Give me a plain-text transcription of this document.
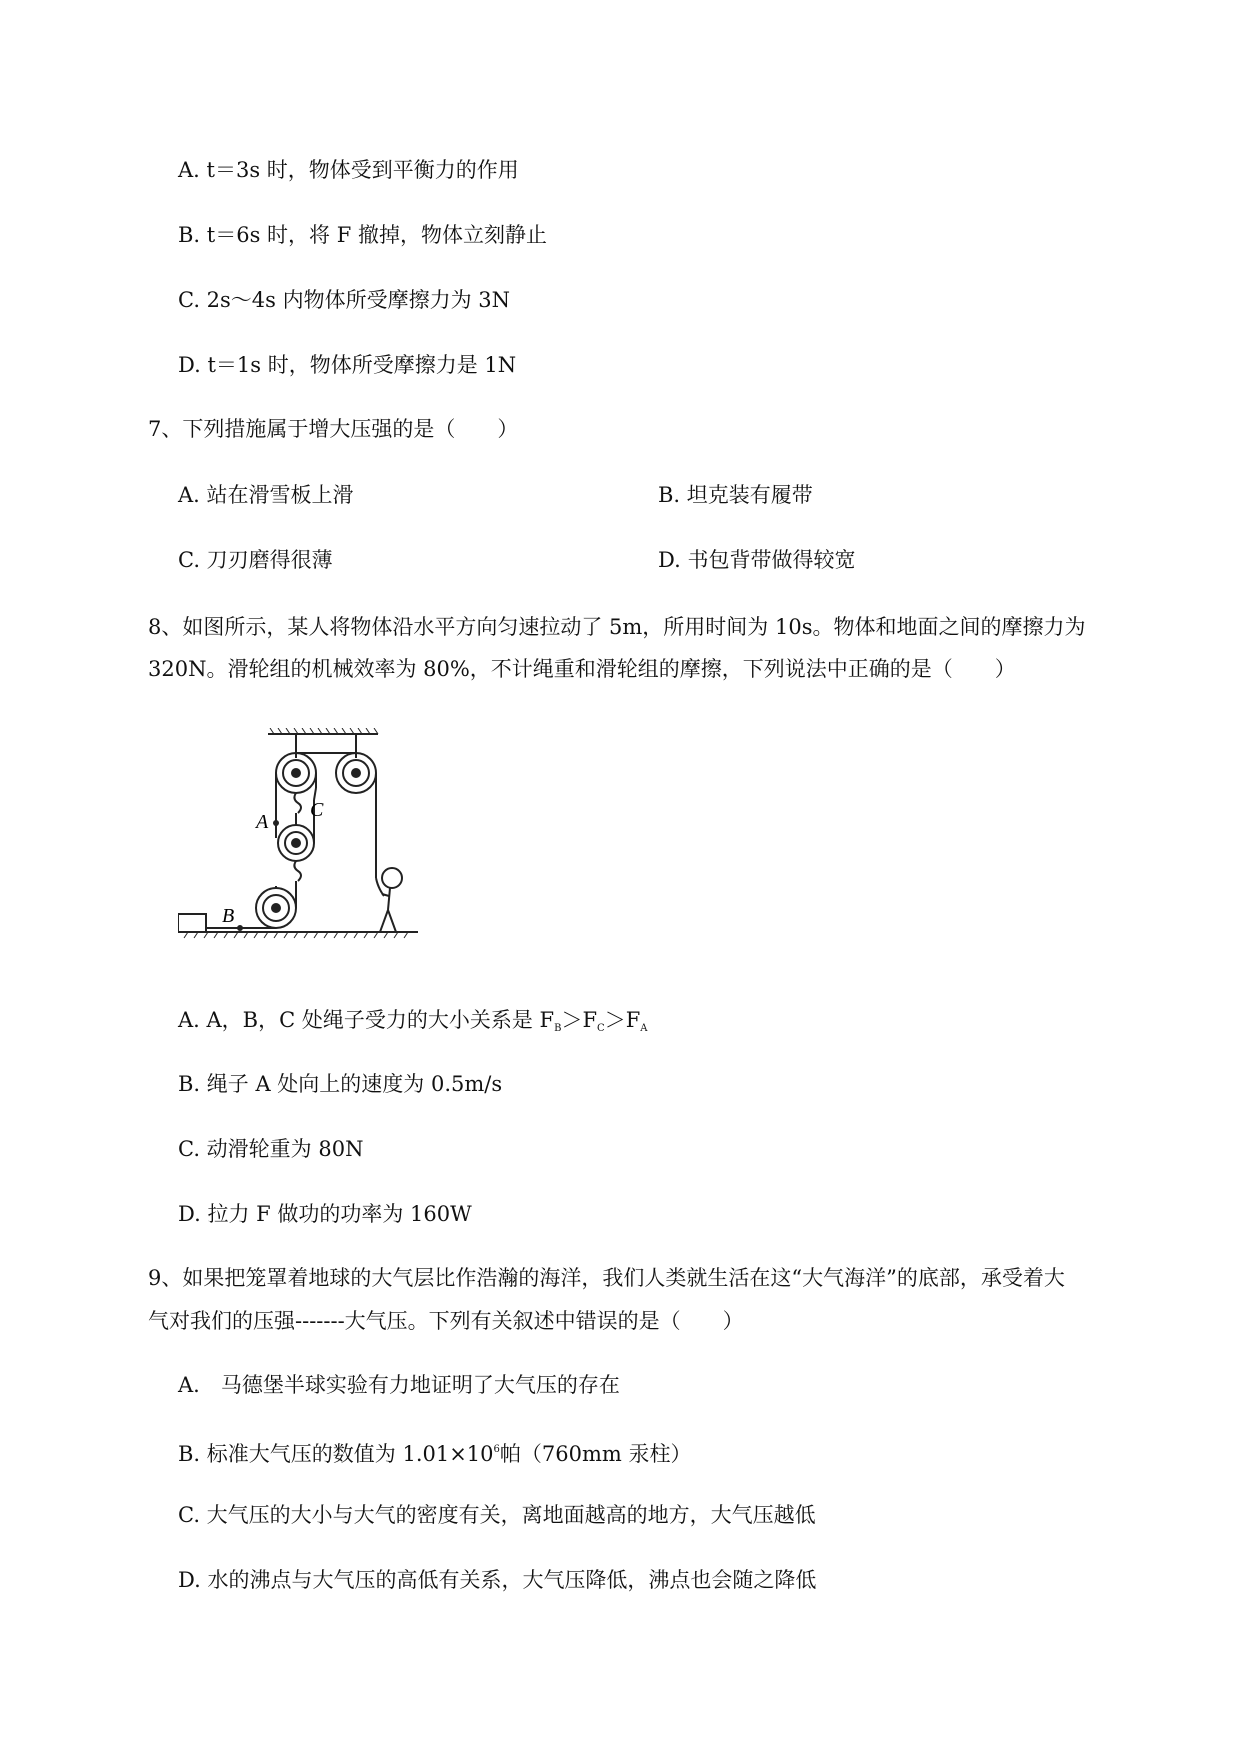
A. t＝3s 时，物体受到平衡力的作用
B. t＝6s 时，将 F 撤掉，物体立刻静止
C. 2s～4s 内物体所受摩擦力为 3N
D. t＝1s 时，物体所受摩擦力是 1N
7、下列措施属于增大压强的是（　　）
A. 站在滑雪板上滑	B. 坦克装有履带
C. 刀刃磨得很薄	D. 书包背带做得较宽
8、如图所示，某人将物体沿水平方向匀速拉动了 5m，所用时间为 10s。物体和地面之间的摩擦力为
320N。滑轮组的机械效率为 80%，不计绳重和滑轮组的摩擦，下列说法中正确的是（　　）
A
B
C
A. A，B，C 处绳子受力的大小关系是 $F_B>F_C>F_A$
B. 绳子 A 处向上的速度为 0.5m/s
C. 动滑轮重为 80N
D. 拉力 F 做功的功率为 160W
9、如果把笼罩着地球的大气层比作浩瀚的海洋，我们人类就生活在这“大气海洋”的底部，承受着大
气对我们的压强-------大气压。下列有关叙述中错误的是（　　）
A.　马德堡半球实验有力地证明了大气压的存在
B. 标准大气压的数值为 $1.01\times 10^6$帕（760mm 汞柱）
C. 大气压的大小与大气的密度有关，离地面越高的地方，大气压越低
D. 水的沸点与大气压的高低有关系，大气压降低，沸点也会随之降低
